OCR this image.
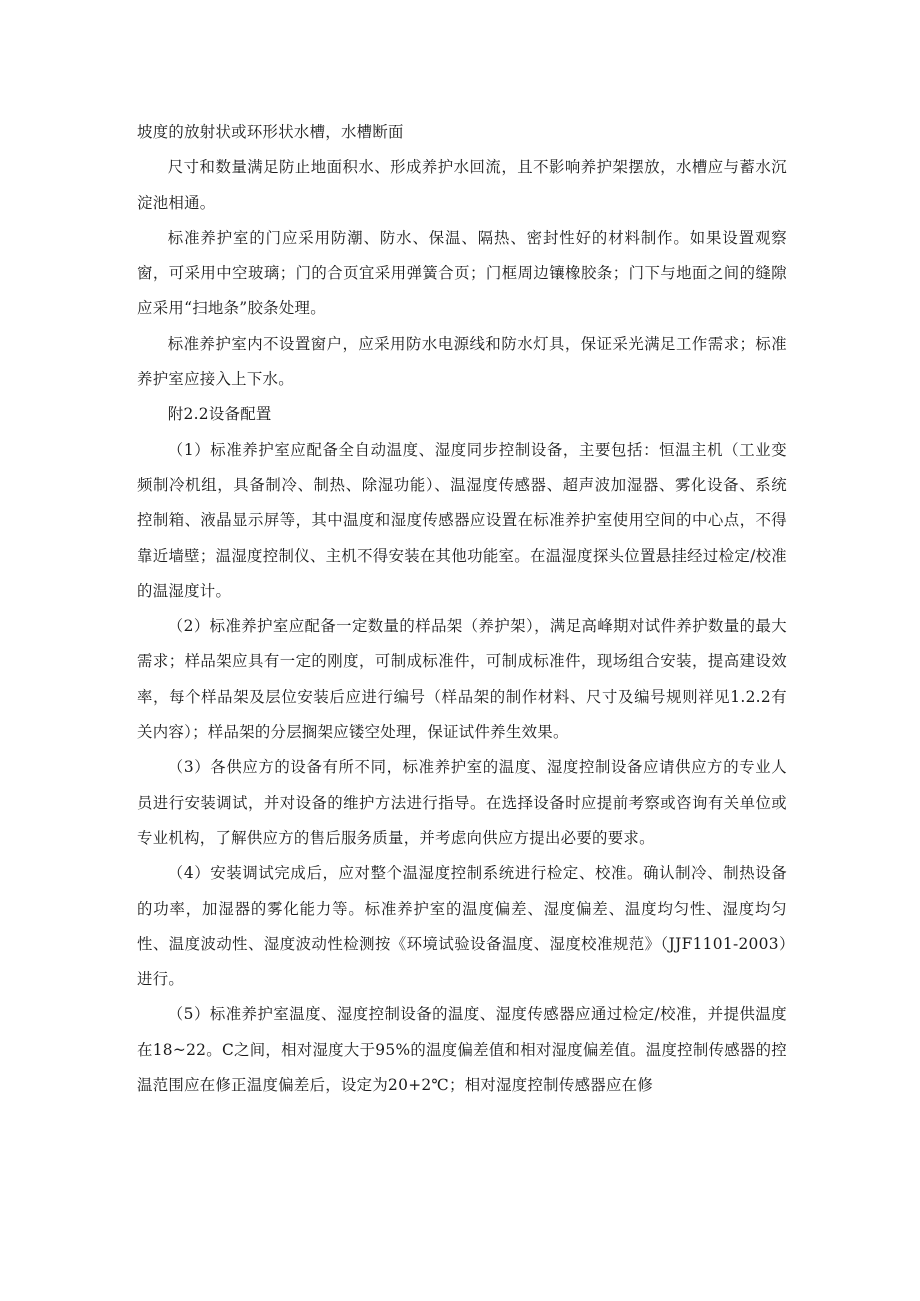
坡度的放射状或环形状水槽，水槽断面

尺寸和数量满足防止地面积水、形成养护水回流，且不影响养护架摆放，水槽应与蓄水沉淀池相通。

标准养护室的门应采用防潮、防水、保温、隔热、密封性好的材料制作。如果设置观察窗，可采用中空玻璃；门的合页宜采用弹簧合页；门框周边镶橡胶条；门下与地面之间的缝隙应采用“扫地条”胶条处理。

标准养护室内不设置窗户，应采用防水电源线和防水灯具，保证采光满足工作需求；标准养护室应接入上下水。

附2.2设备配置

（1）标准养护室应配备全自动温度、湿度同步控制设备，主要包括：恒温主机（工业变频制冷机组，具备制冷、制热、除湿功能）、温湿度传感器、超声波加湿器、雾化设备、系统控制箱、液晶显示屏等，其中温度和湿度传感器应设置在标准养护室使用空间的中心点，不得靠近墙壁；温湿度控制仪、主机不得安装在其他功能室。在温湿度探头位置悬挂经过检定/校准的温湿度计。

（2）标准养护室应配备一定数量的样品架（养护架），满足高峰期对试件养护数量的最大需求；样品架应具有一定的刚度，可制成标准件，可制成标准件，现场组合安装，提高建设效率，每个样品架及层位安装后应进行编号（样品架的制作材料、尺寸及编号规则祥见1.2.2有关内容）；样品架的分层搁架应镂空处理，保证试件养生效果。

（3）各供应方的设备有所不同，标准养护室的温度、湿度控制设备应请供应方的专业人员进行安装调试，并对设备的维护方法进行指导。在选择设备时应提前考察或咨询有关单位或专业机构，了解供应方的售后服务质量，并考虑向供应方提出必要的要求。

（4）安装调试完成后，应对整个温湿度控制系统进行检定、校准。确认制冷、制热设备的功率，加湿器的雾化能力等。标准养护室的温度偏差、湿度偏差、温度均匀性、湿度均匀性、温度波动性、湿度波动性检测按《环境试验设备温度、湿度校准规范》（JJF1101-2003）进行。

（5）标准养护室温度、湿度控制设备的温度、湿度传感器应通过检定/校准，并提供温度在18~22。C之间，相对湿度大于95%的温度偏差值和相对湿度偏差值。温度控制传感器的控温范围应在修正温度偏差后，设定为20+2℃；相对湿度控制传感器应在修
